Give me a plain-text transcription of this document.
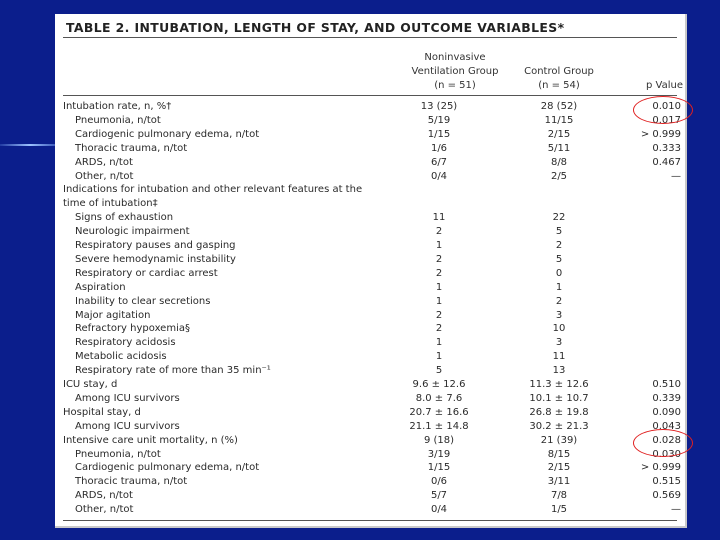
TABLE 2. INTUBATION, LENGTH OF STAY, AND OUTCOME VARIABLES*
Noninvasive
Ventilation Group
(n = 51)
Control Group
(n = 54)	p Value
Intubation rate, n, %†	13 (25)	28 (52)	0.010
Pneumonia, n/tot	5/19	11/15	0.017
Cardiogenic pulmonary edema, n/tot	1/15	2/15	> 0.999
Thoracic trauma, n/tot	1/6	5/11	0.333
ARDS, n/tot	6/7	8/8	0.467
Other, n/tot	0/4	2/5	—
Indications for intubation and other relevant features at the
time of intubation‡
Signs of exhaustion	11	22
Neurologic impairment	2	5
Respiratory pauses and gasping	1	2
Severe hemodynamic instability	2	5
Respiratory or cardiac arrest	2	0
Aspiration	1	1
Inability to clear secretions	1	2
Major agitation	2	3
Refractory hypoxemia§	2	10
Respiratory acidosis	1	3
Metabolic acidosis	1	11
Respiratory rate of more than 35 min⁻¹	5	13
ICU stay, d	9.6 ± 12.6	11.3 ± 12.6	0.510
Among ICU survivors	8.0 ± 7.6	10.1 ± 10.7	0.339
Hospital stay, d	20.7 ± 16.6	26.8 ± 19.8	0.090
Among ICU survivors	21.1 ± 14.8	30.2 ± 21.3	0.043
Intensive care unit mortality, n (%)	9 (18)	21 (39)	0.028
Pneumonia, n/tot	3/19	8/15	0.030
Cardiogenic pulmonary edema, n/tot	1/15	2/15	> 0.999
Thoracic trauma, n/tot	0/6	3/11	0.515
ARDS, n/tot	5/7	7/8	0.569
Other, n/tot	0/4	1/5	—
